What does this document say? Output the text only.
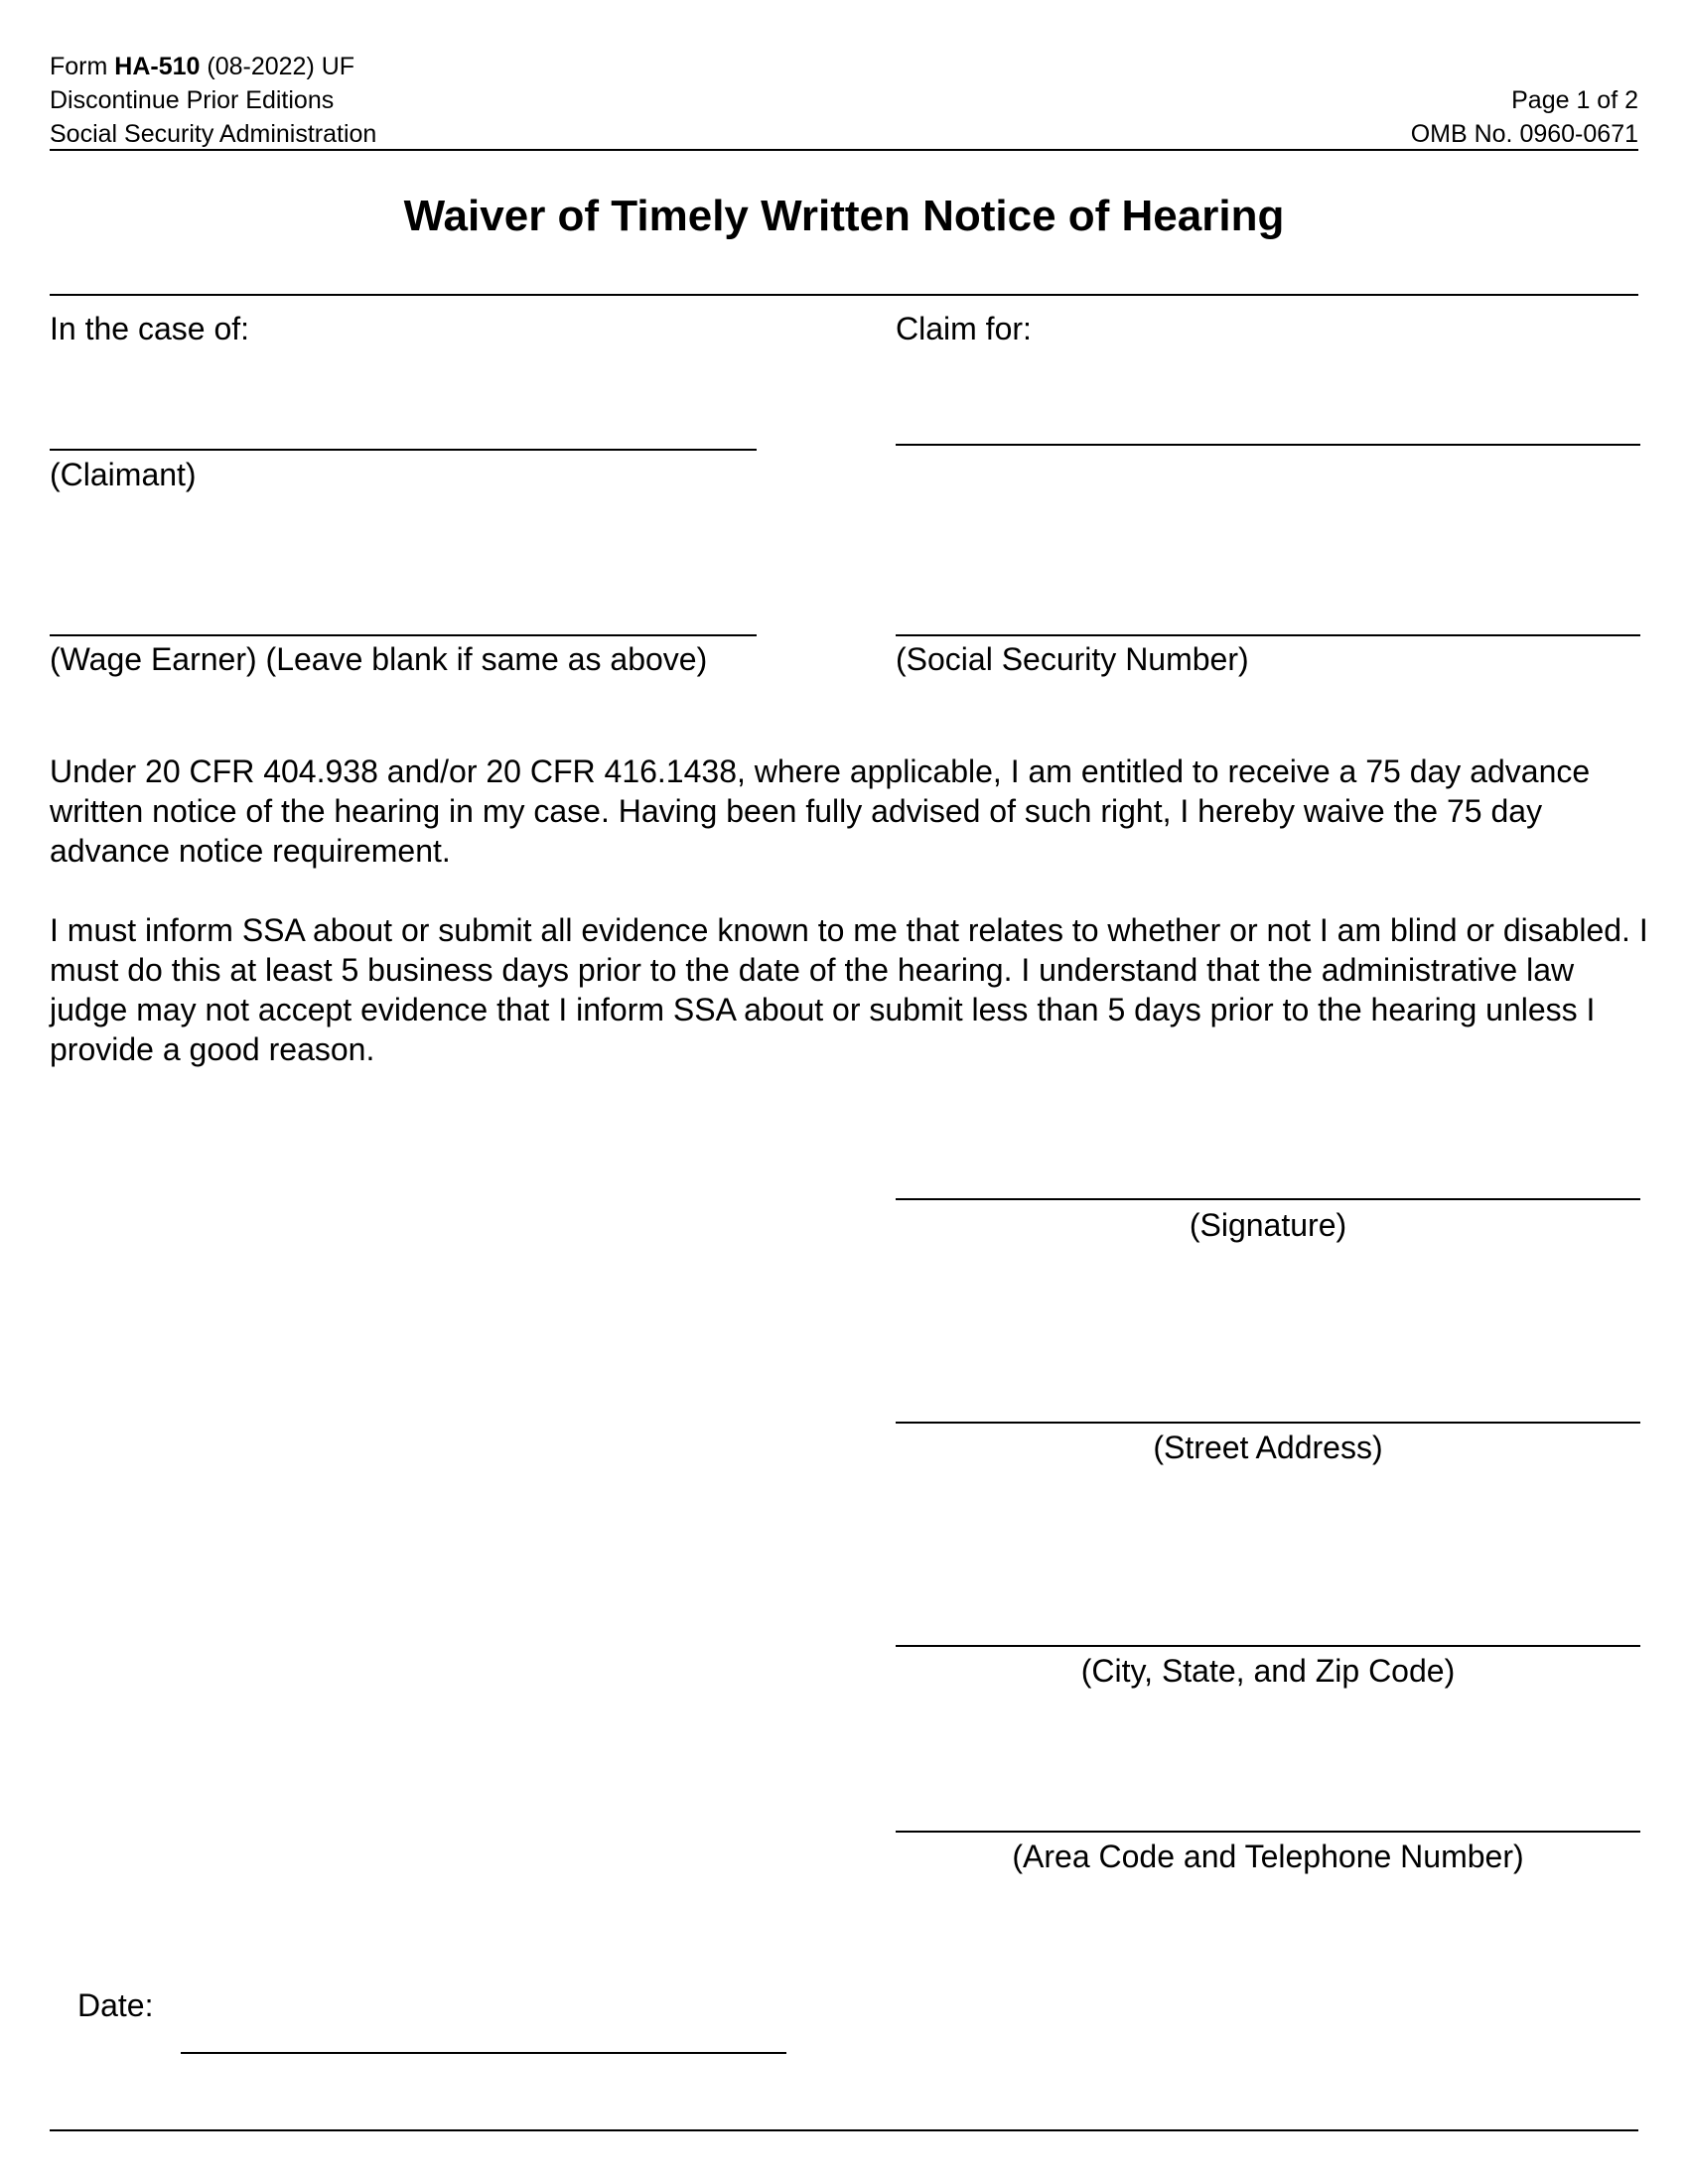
Form HA-510 (08-2022) UF
Discontinue Prior Editions
Social Security Administration
Page 1 of 2
OMB No. 0960-0671
Waiver of Timely Written Notice of Hearing
In the case of:	Claim for:
(Claimant)
(Wage Earner) (Leave blank if same as above)	(Social Security Number)
Under 20 CFR 404.938 and/or 20 CFR 416.1438, where applicable, I am entitled to receive a 75 day advance written notice of the hearing in my case. Having been fully advised of such right, I hereby waive the 75 day advance notice requirement.
I must inform SSA about or submit all evidence known to me that relates to whether or not I am blind or disabled. I must do this at least 5 business days prior to the date of the hearing. I understand that the administrative law judge may not accept evidence that I inform SSA about or submit less than 5 days prior to the hearing unless I provide a good reason.
(Signature)
(Street Address)
(City, State, and Zip Code)
(Area Code and Telephone Number)
Date:
